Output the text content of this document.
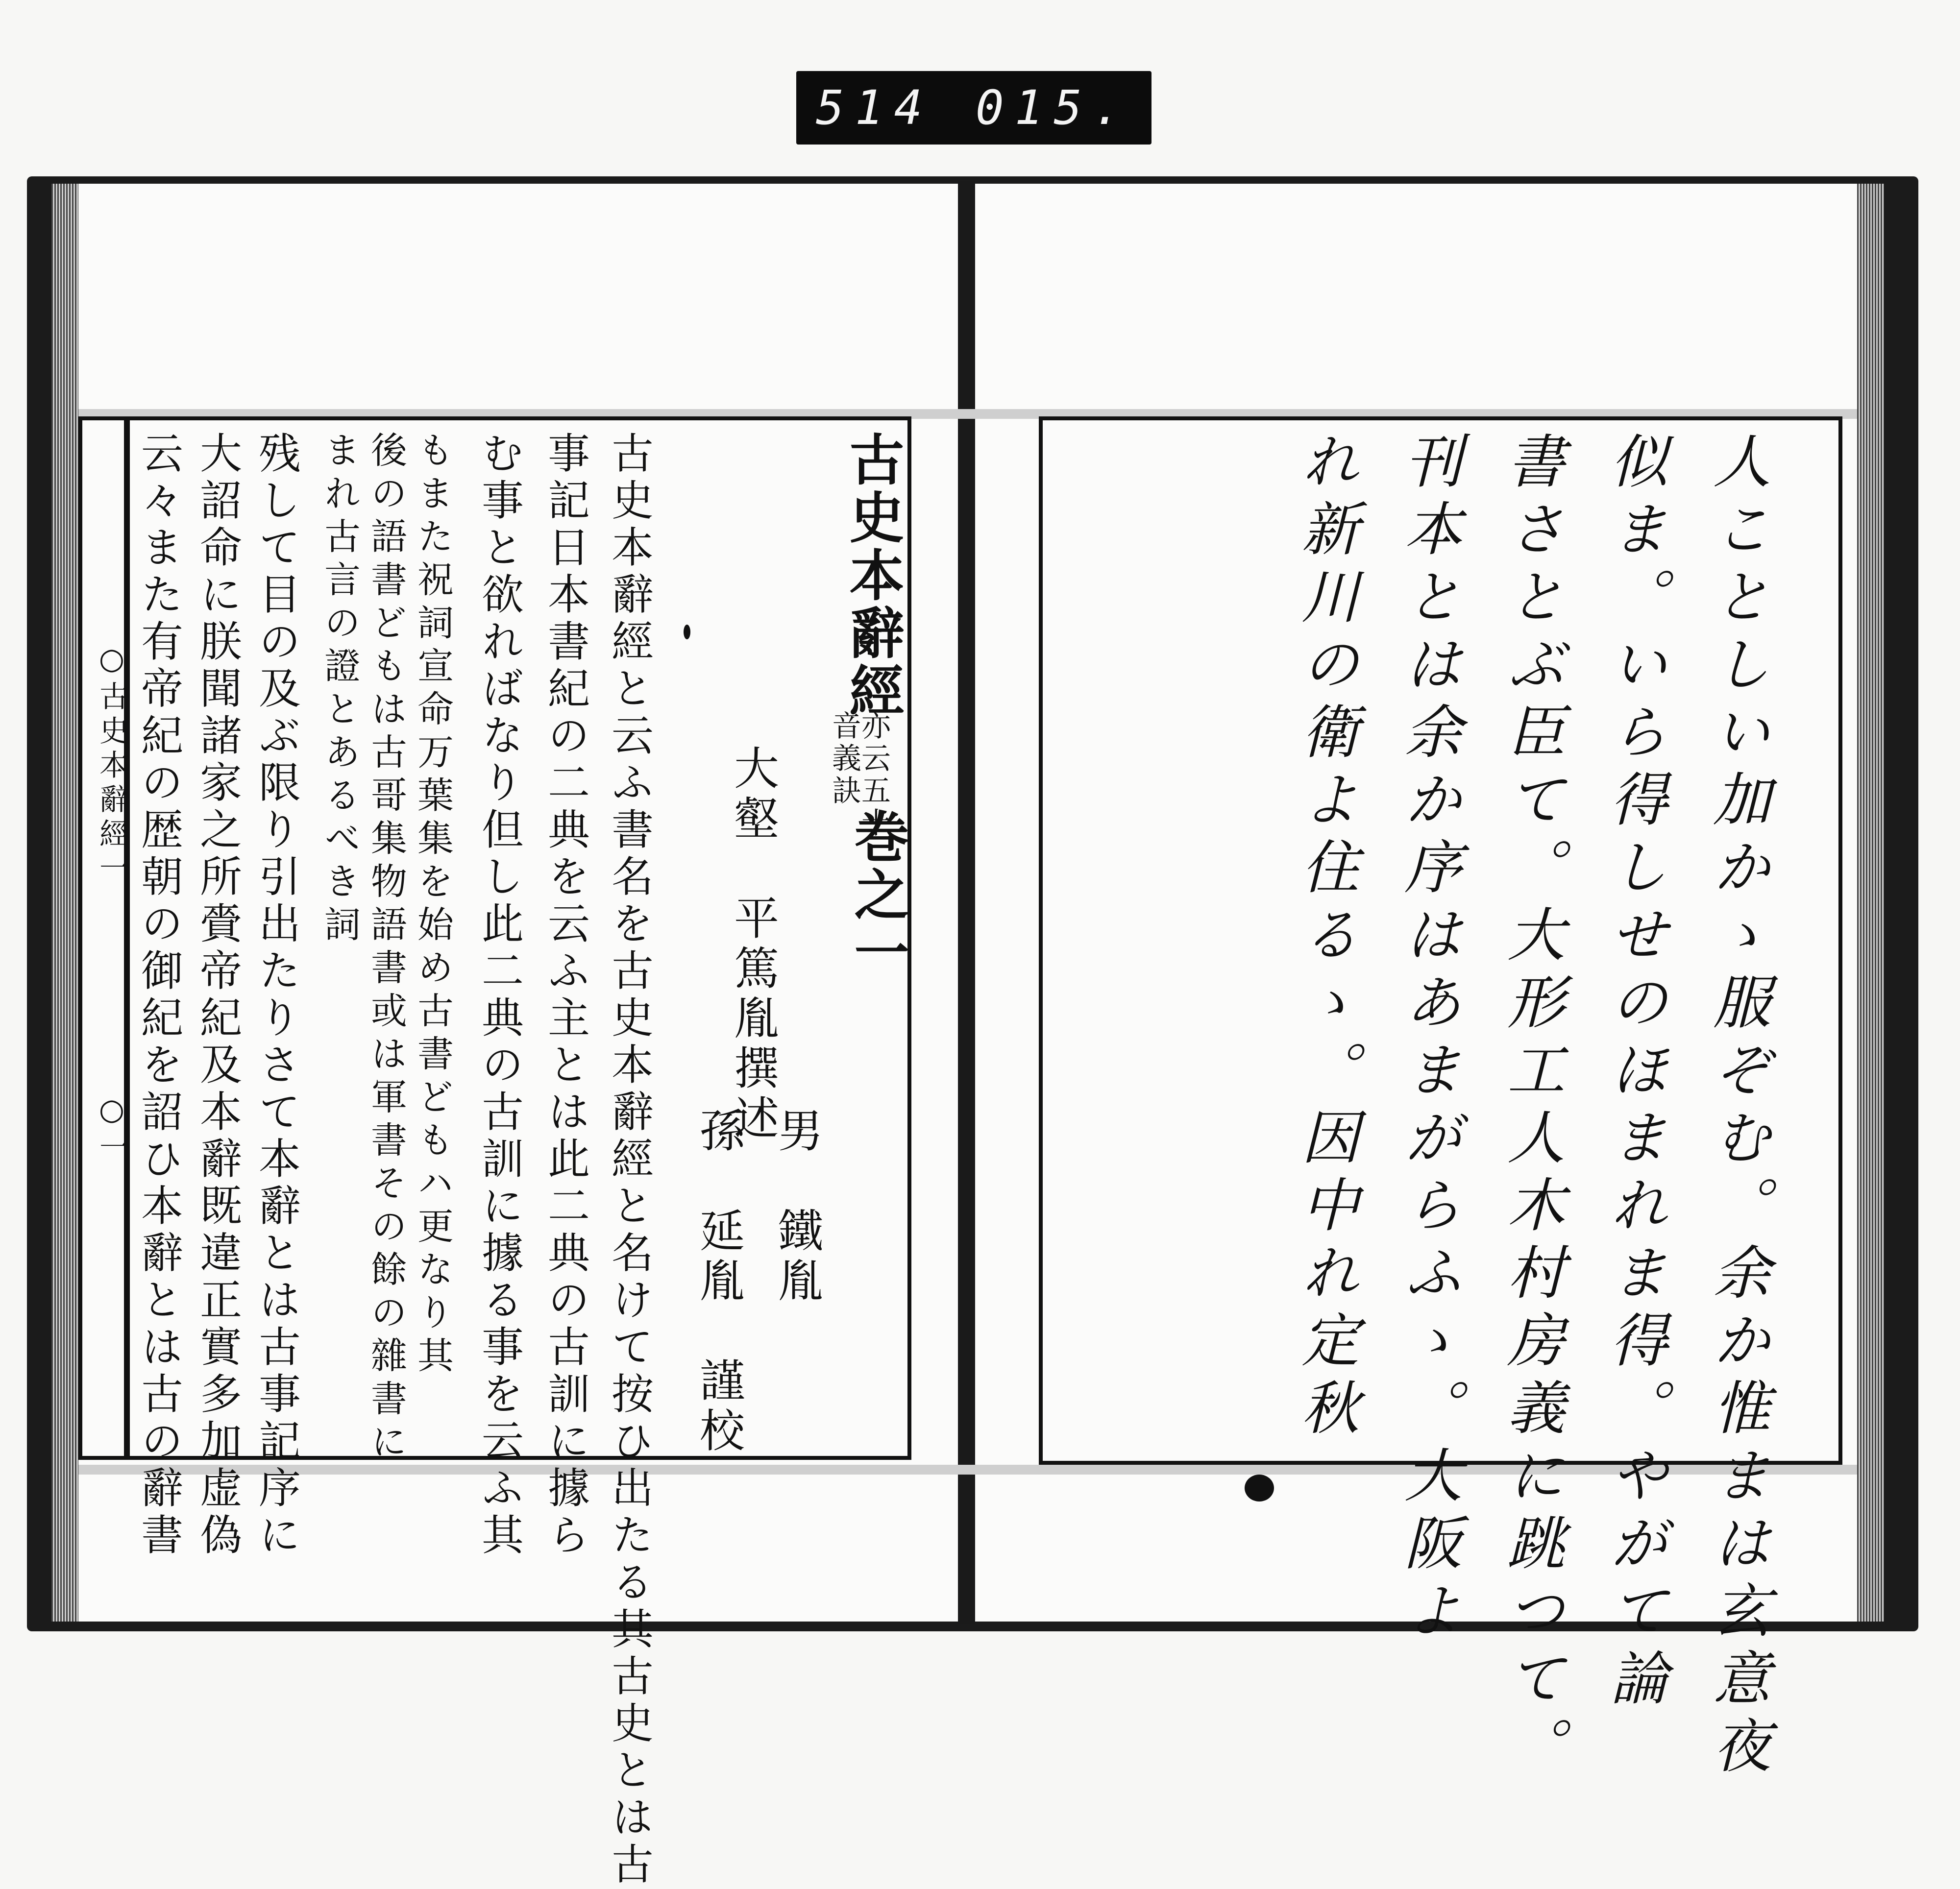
514 015.
古史本辭經
亦云五十
音義訣
巻之一
大壑　平篤胤撰述
男　鐵胤
孫　延胤　謹校
古史本辭經と云ふ書名を古史本辭經と名けて按ひ出たる其古史とは古
事記日本書紀の二典を云ふ主とは此二典の古訓に據ら
む事と欲ればなり但し此二典の古訓に據る事を云ふ其
もまた祝詞宣命万葉集を始め古書どもハ更なり其
後の語書どもは古哥集物語書或は軍書その餘の雜書に
まれ古言の證とあるべき詞
残して目の及ぶ限り引出たりさて本辭とは古事記序に
大詔命に朕聞諸家之所賫帝紀及本辭既違正實多加虚偽
云々また有帝紀の歴朝の御紀を詔ひ本辭とは古の辭書
○古史本辭經一
○一	人ことしい加かゝ服ぞむ。余か惟まは玄意夜
似ま。いら得しせのほまれま得。やがて論
書さとぶ臣て。大形工人木村房義に跳つて。
刊本とは余か序はあまがらふゝ。大阪よ
れ新川の衛よ住るゝ。因中れ定秋
